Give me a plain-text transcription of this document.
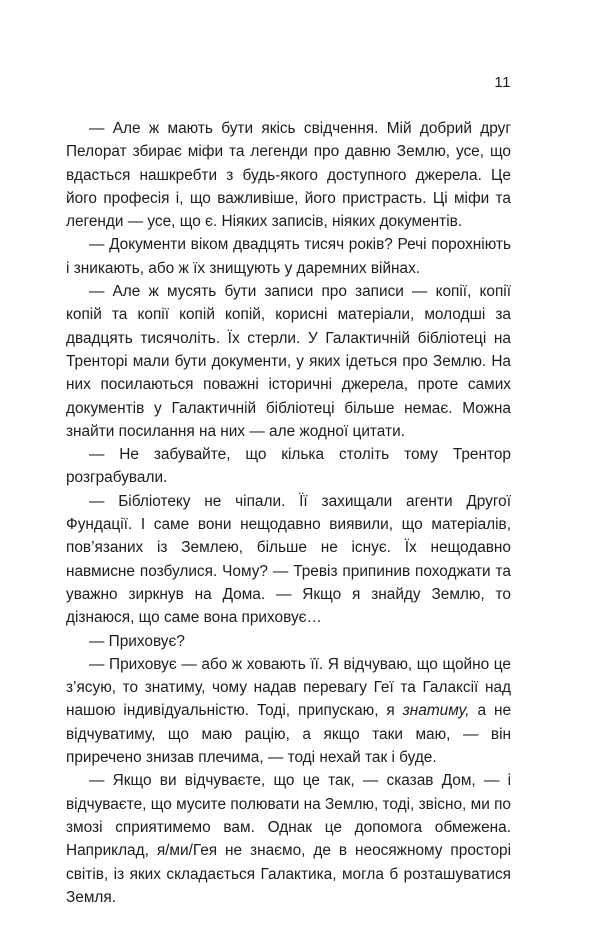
11

— Але ж мають бути якісь свідчення. Мій добрий друг Пелорат збирає міфи та легенди про давню Землю, усе, що вдасться нашкребти з будь-якого доступного джерела. Це його професія і, що важливіше, його пристрасть. Ці міфи та легенди — усе, що є. Ніяких записів, ніяких документів.

— Документи віком двадцять тисяч років? Речі порохніють і зникають, або ж їх знищують у даремних війнах.

— Але ж мусять бути записи про записи — копії, копії копій та копії копій копій, корисні матеріали, молодші за двадцять тисячоліть. Їх стерли. У Галактичній бібліотеці на Тренторі мали бути документи, у яких ідеться про Землю. На них посилаються поважні історичні джерела, проте самих документів у Галактичній бібліотеці більше немає. Можна знайти посилання на них — але жодної цитати.

— Не забувайте, що кілька століть тому Трентор розграбували.

— Бібліотеку не чіпали. Її захищали агенти Другої Фундації. І саме вони нещодавно виявили, що матеріалів, пов’язаних із Землею, більше не існує. Їх нещодавно навмисне позбулися. Чому? — Тревіз припинив походжати та уважно зиркнув на Дома. — Якщо я знайду Землю, то дізнаюся, що саме вона приховує…

— Приховує?

— Приховує — або ж ховають її. Я відчуваю, що щойно це з’ясую, то знатиму, чому надав перевагу Геї та Галаксії над нашою індивідуальністю. Тоді, припускаю, я знатиму, а не відчуватиму, що маю рацію, а якщо таки маю, — він приречено знизав плечима, — тоді нехай так і буде.

— Якщо ви відчуваєте, що це так, — сказав Дом, — і відчуваєте, що мусите полювати на Землю, тоді, звісно, ми по змозі сприятимемо вам. Однак це допомога обмежена. Наприклад, я/ми/Гея не знаємо, де в неосяжному просторі світів, із яких складається Галактика, могла б розташуватися Земля.
